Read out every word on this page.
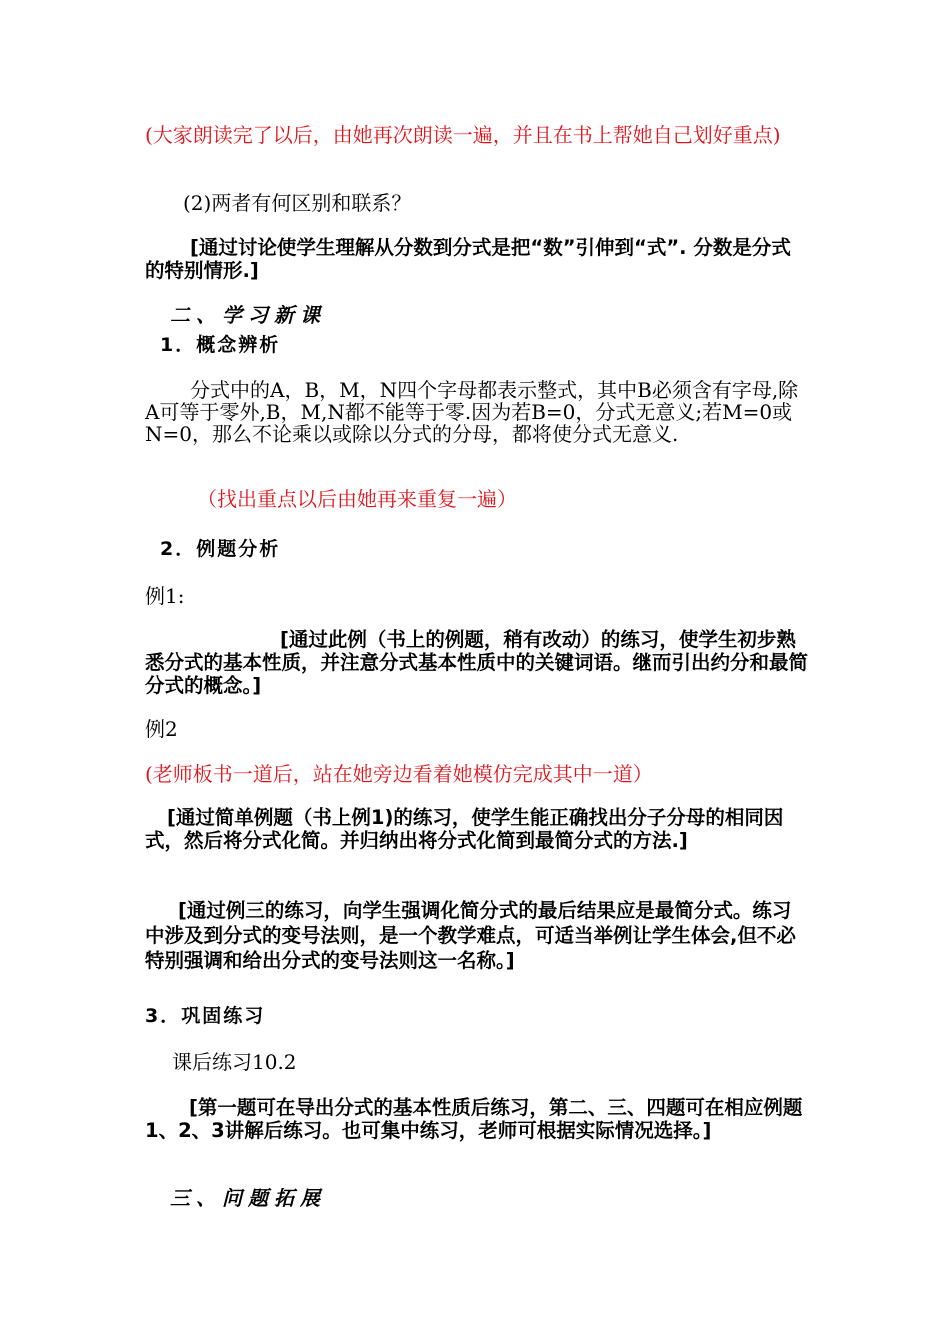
(大家朗读完了以后，由她再次朗读一遍，并且在书上帮她自己划好重点)

(2)两者有何区别和联系？

[通过讨论使学生理解从分数到分式是把“数”引伸到“式”. 分数是分式的特别情形.]

二、学习新课

1．概念辨析

分式中的A，B，M，N四个字母都表示整式，其中B必须含有字母,除A可等于零外,B，M,N都不能等于零.因为若B=0，分式无意义;若M=0或N=0，那么不论乘以或除以分式的分母，都将使分式无意义.

（找出重点以后由她再来重复一遍）

2．例题分析

例1:

[通过此例（书上的例题，稍有改动）的练习，使学生初步熟悉分式的基本性质，并注意分式基本性质中的关键词语。继而引出约分和最简分式的概念。]

例2

(老师板书一道后，站在她旁边看着她模仿完成其中一道）

[通过简单例题（书上例1)的练习，使学生能正确找出分子分母的相同因式，然后将分式化简。并归纳出将分式化简到最简分式的方法.]

[通过例三的练习，向学生强调化简分式的最后结果应是最简分式。练习中涉及到分式的变号法则，是一个教学难点，可适当举例让学生体会,但不必特别强调和给出分式的变号法则这一名称。]

3．巩固练习

课后练习10.2

[第一题可在导出分式的基本性质后练习，第二、三、四题可在相应例题1、2、3讲解后练习。也可集中练习，老师可根据实际情况选择。]

三、问题拓展
